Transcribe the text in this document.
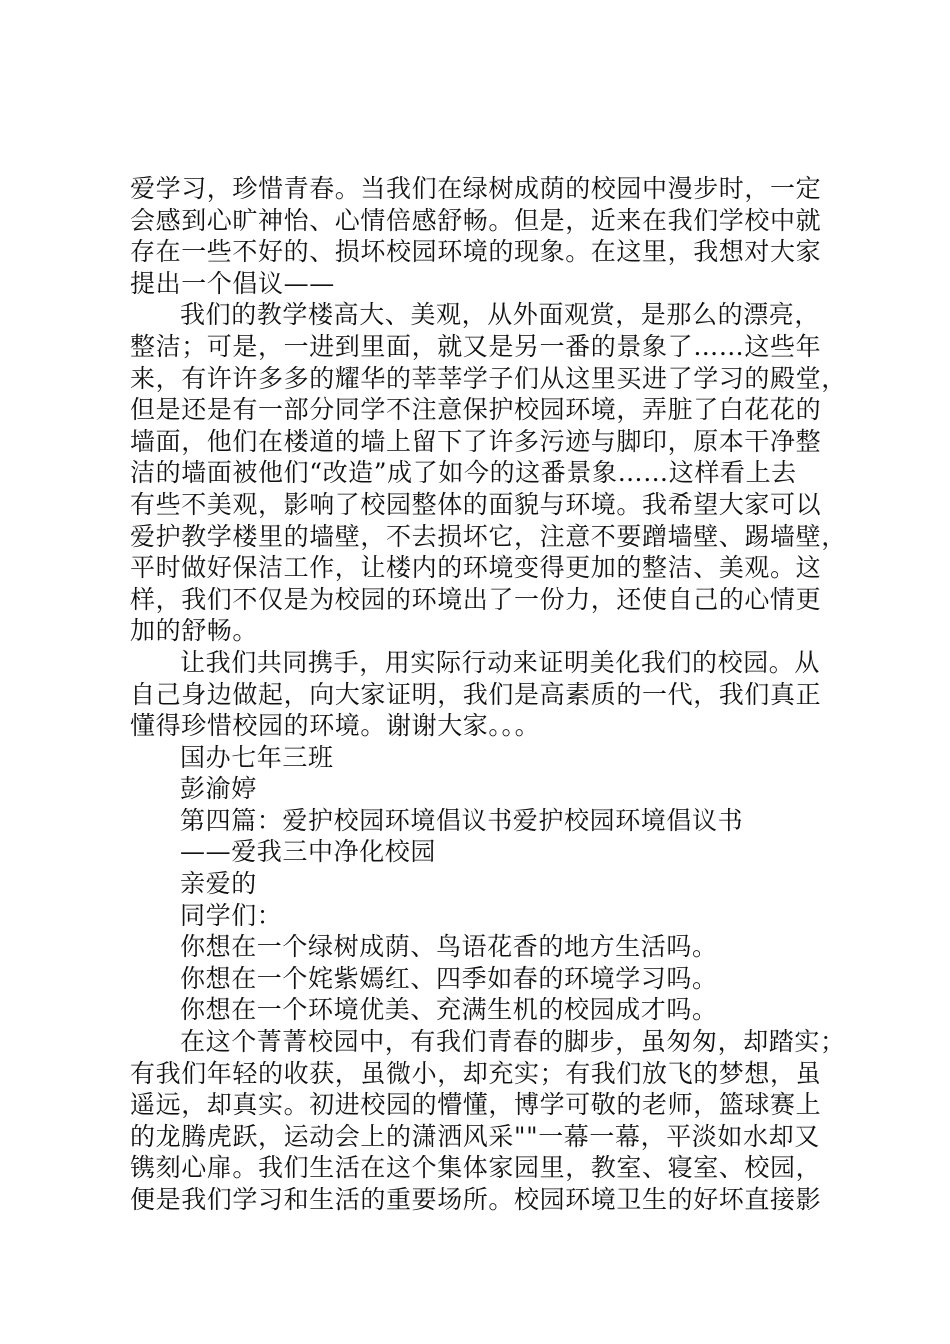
爱学习，珍惜青春。当我们在绿树成荫的校园中漫步时，一定
会感到心旷神怡、心情倍感舒畅。但是，近来在我们学校中就
存在一些不好的、损坏校园环境的现象。在这里，我想对大家
提出一个倡议——
我们的教学楼高大、美观，从外面观赏，是那么的漂亮，
整洁；可是，一进到里面，就又是另一番的景象了……这些年
来，有许许多多的耀华的莘莘学子们从这里买进了学习的殿堂，
但是还是有一部分同学不注意保护校园环境，弄脏了白花花的
墙面，他们在楼道的墙上留下了许多污迹与脚印，原本干净整
洁的墙面被他们“改造”成了如今的这番景象……这样看上去
有些不美观，影响了校园整体的面貌与环境。我希望大家可以
爱护教学楼里的墙壁，不去损坏它，注意不要蹭墙壁、踢墙壁，
平时做好保洁工作，让楼内的环境变得更加的整洁、美观。这
样，我们不仅是为校园的环境出了一份力，还使自己的心情更
加的舒畅。
让我们共同携手，用实际行动来证明美化我们的校园。从
自己身边做起，向大家证明，我们是高素质的一代，我们真正
懂得珍惜校园的环境。谢谢大家。。。
国办七年三班
彭渝婷
第四篇：爱护校园环境倡议书爱护校园环境倡议书
——爱我三中净化校园
亲爱的
同学们：
你想在一个绿树成荫、鸟语花香的地方生活吗。
你想在一个姹紫嫣红、四季如春的环境学习吗。
你想在一个环境优美、充满生机的校园成才吗。
在这个菁菁校园中，有我们青春的脚步，虽匆匆，却踏实；
有我们年轻的收获，虽微小，却充实；有我们放飞的梦想，虽
遥远，却真实。初进校园的懵懂，博学可敬的老师，篮球赛上
的龙腾虎跃，运动会上的潇洒风采""一幕一幕，平淡如水却又
镌刻心扉。我们生活在这个集体家园里，教室、寝室、校园，
便是我们学习和生活的重要场所。校园环境卫生的好坏直接影
